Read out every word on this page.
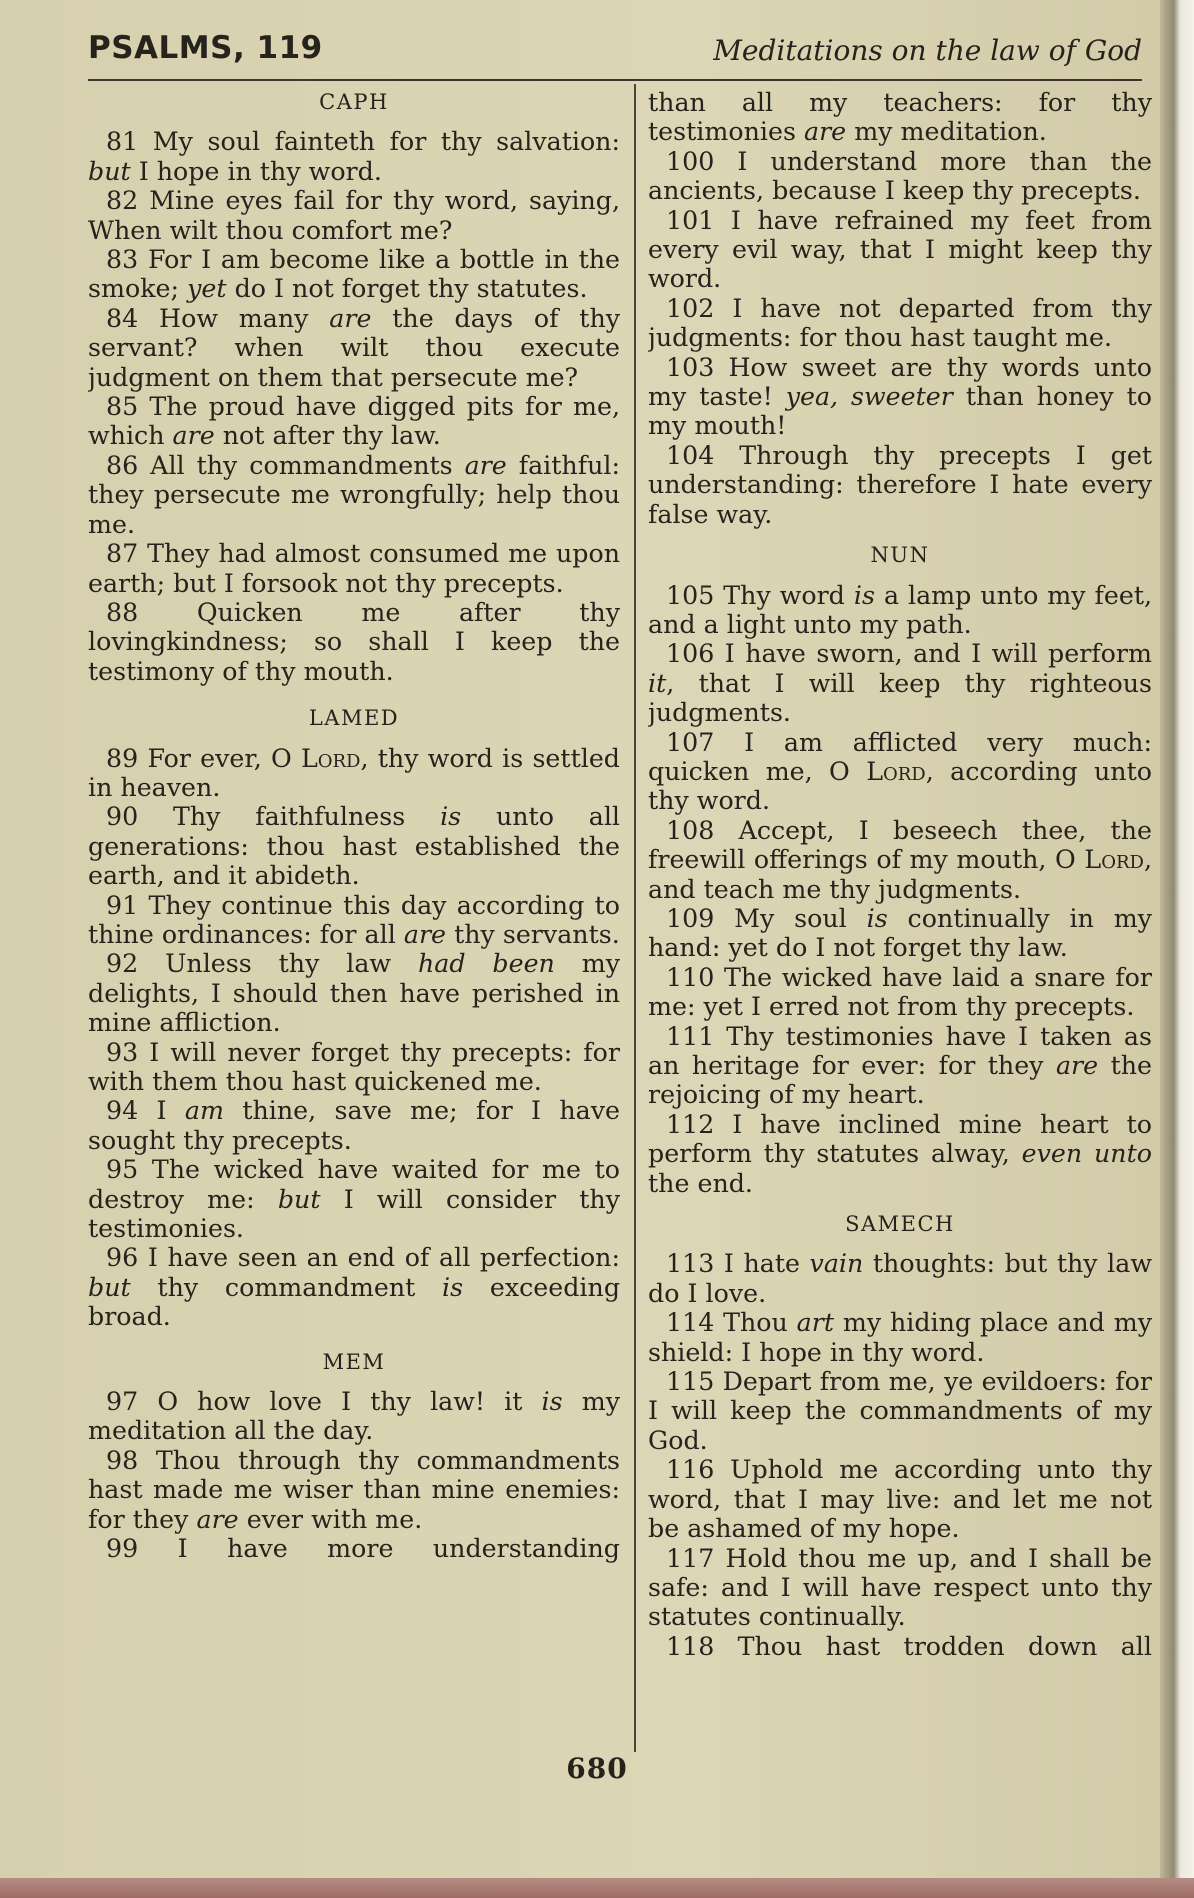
PSALMS, 119	Meditations on the law of God
CAPH

81 My soul fainteth for thy salvation: but I hope in thy word.

82 Mine eyes fail for thy word, saying, When wilt thou comfort me?

83 For I am become like a bottle in the smoke; yet do I not forget thy statutes.

84 How many are the days of thy servant? when wilt thou execute judgment on them that persecute me?

85 The proud have digged pits for me, which are not after thy law.

86 All thy commandments are faithful: they persecute me wrongfully; help thou me.

87 They had almost consumed me upon earth; but I forsook not thy precepts.

88 Quicken me after thy lovingkindness; so shall I keep the testimony of thy mouth.

LAMED

89 For ever, O Lord, thy word is settled in heaven.

90 Thy faithfulness is unto all generations: thou hast established the earth, and it abideth.

91 They continue this day according to thine ordinances: for all are thy servants.

92 Unless thy law had been my delights, I should then have perished in mine affliction.

93 I will never forget thy precepts: for with them thou hast quickened me.

94 I am thine, save me; for I have sought thy precepts.

95 The wicked have waited for me to destroy me: but I will consider thy testimonies.

96 I have seen an end of all perfection: but thy commandment is exceeding broad.

MEM

97 O how love I thy law! it is my meditation all the day.

98 Thou through thy commandments hast made me wiser than mine enemies: for they are ever with me.

99 I have more understanding

than all my teachers: for thy testimonies are my meditation.

100 I understand more than the ancients, because I keep thy precepts.

101 I have refrained my feet from every evil way, that I might keep thy word.

102 I have not departed from thy judgments: for thou hast taught me.

103 How sweet are thy words unto my taste! yea, sweeter than honey to my mouth!

104 Through thy precepts I get understanding: therefore I hate every false way.

NUN

105 Thy word is a lamp unto my feet, and a light unto my path.

106 I have sworn, and I will perform it, that I will keep thy righteous judgments.

107 I am afflicted very much: quicken me, O Lord, according unto thy word.

108 Accept, I beseech thee, the freewill offerings of my mouth, O Lord, and teach me thy judgments.

109 My soul is continually in my hand: yet do I not forget thy law.

110 The wicked have laid a snare for me: yet I erred not from thy precepts.

111 Thy testimonies have I taken as an heritage for ever: for they are the rejoicing of my heart.

112 I have inclined mine heart to perform thy statutes alway, even unto the end.

SAMECH

113 I hate vain thoughts: but thy law do I love.

114 Thou art my hiding place and my shield: I hope in thy word.

115 Depart from me, ye evildoers: for I will keep the commandments of my God.

116 Uphold me according unto thy word, that I may live: and let me not be ashamed of my hope.

117 Hold thou me up, and I shall be safe: and I will have respect unto thy statutes continually.

118 Thou hast trodden down all

680
